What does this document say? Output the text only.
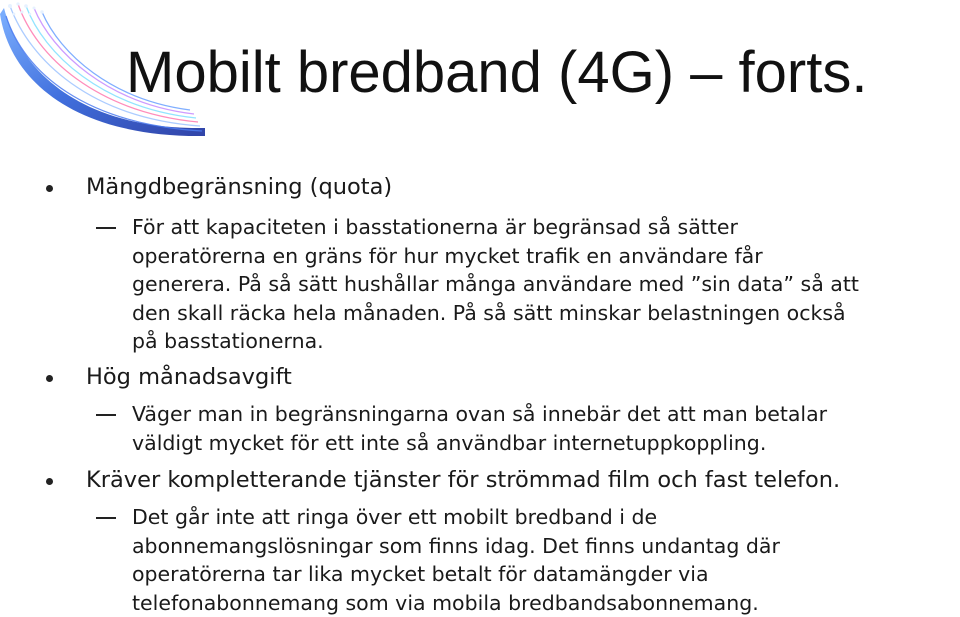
Mobilt bredband (4G) – forts.
Mängdbegränsning (quota)
För att kapaciteten i basstationerna är begränsad så sätter
operatörerna en gräns för hur mycket trafik en användare får
generera. På så sätt hushållar många användare med ”sin data” så att
den skall räcka hela månaden. På så sätt minskar belastningen också
på basstationerna.
Hög månadsavgift
Väger man in begränsningarna ovan så innebär det att man betalar
väldigt mycket för ett inte så användbar internetuppkoppling.
Kräver kompletterande tjänster för strömmad film och fast telefon.
Det går inte att ringa över ett mobilt bredband i de
abonnemangslösningar som finns idag. Det finns undantag där
operatörerna tar lika mycket betalt för datamängder via
telefonabonnemang som via mobila bredbandsabonnemang.
